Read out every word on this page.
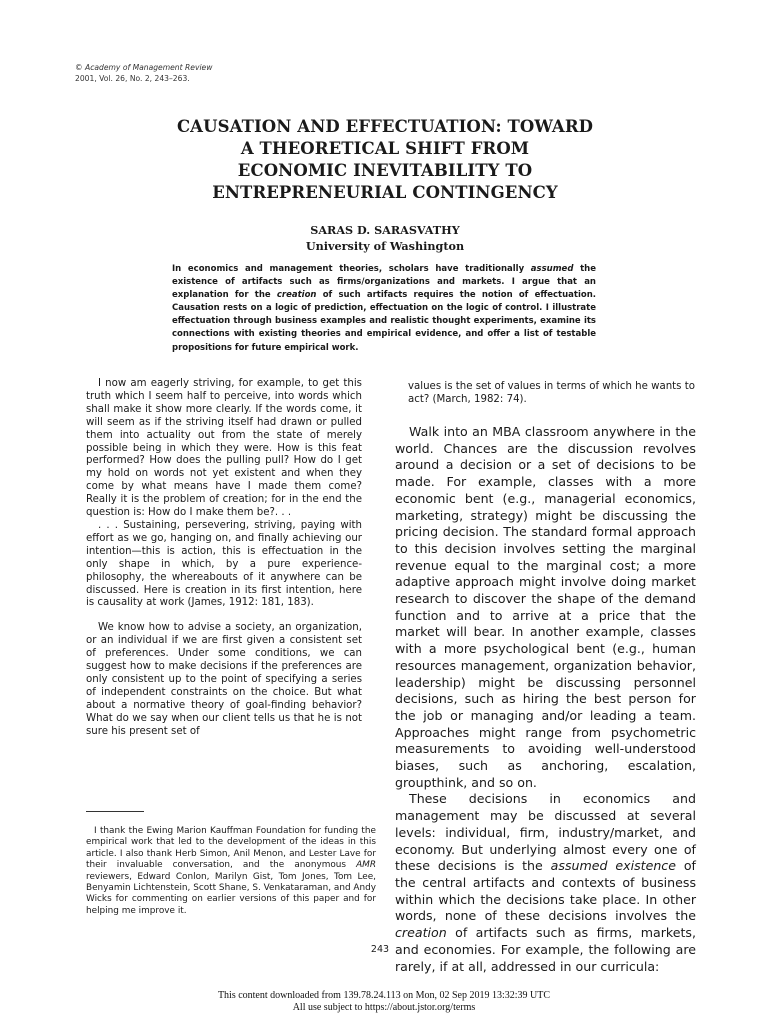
© Academy of Management Review
2001, Vol. 26, No. 2, 243–263.
CAUSATION AND EFFECTUATION: TOWARD
A THEORETICAL SHIFT FROM
ECONOMIC INEVITABILITY TO
ENTREPRENEURIAL CONTINGENCY
SARAS D. SARASVATHY
University of Washington
In economics and management theories, scholars have traditionally assumed the existence of artifacts such as firms/organizations and markets. I argue that an explanation for the creation of such artifacts requires the notion of effectuation. Causation rests on a logic of prediction, effectuation on the logic of control. I illustrate effectuation through business examples and realistic thought experiments, examine its connections with existing theories and empirical evidence, and offer a list of testable propositions for future empirical work.

I now am eagerly striving, for example, to get this truth which I seem half to perceive, into words which shall make it show more clearly. If the words come, it will seem as if the striving itself had drawn or pulled them into actuality out from the state of merely possible being in which they were. How is this feat performed? How does the pulling pull? How do I get my hold on words not yet existent and when they come by what means have I made them come? Really it is the problem of creation; for in the end the question is: How do I make them be?. . .

. . . Sustaining, persevering, striving, paying with effort as we go, hanging on, and finally achieving our intention—this is action, this is effectuation in the only shape in which, by a pure experience-philosophy, the whereabouts of it anywhere can be discussed. Here is creation in its first intention, here is causality at work (James, 1912: 181, 183).

We know how to advise a society, an organization, or an individual if we are first given a consistent set of preferences. Under some conditions, we can suggest how to make decisions if the preferences are only consistent up to the point of specifying a series of independent constraints on the choice. But what about a normative theory of goal-finding behavior? What do we say when our client tells us that he is not sure his present set of

values is the set of values in terms of which he wants to act? (March, 1982: 74).

Walk into an MBA classroom anywhere in the world. Chances are the discussion revolves around a decision or a set of decisions to be made. For example, classes with a more economic bent (e.g., managerial economics, marketing, strategy) might be discussing the pricing decision. The standard formal approach to this decision involves setting the marginal revenue equal to the marginal cost; a more adaptive approach might involve doing market research to discover the shape of the demand function and to arrive at a price that the market will bear. In another example, classes with a more psychological bent (e.g., human resources management, organization behavior, leadership) might be discussing personnel decisions, such as hiring the best person for the job or managing and/or leading a team. Approaches might range from psychometric measurements to avoiding well-understood biases, such as anchoring, escalation, groupthink, and so on.

These decisions in economics and management may be discussed at several levels: individual, firm, industry/market, and economy. But underlying almost every one of these decisions is the assumed existence of the central artifacts and contexts of business within which the decisions take place. In other words, none of these decisions involves the creation of artifacts such as firms, markets, and economies. For example, the following are rarely, if at all, addressed in our curricula:

I thank the Ewing Marion Kauffman Foundation for funding the empirical work that led to the development of the ideas in this article. I also thank Herb Simon, Anil Menon, and Lester Lave for their invaluable conversation, and the anonymous AMR reviewers, Edward Conlon, Marilyn Gist, Tom Jones, Tom Lee, Benyamin Lichtenstein, Scott Shane, S. Venkataraman, and Andy Wicks for commenting on earlier versions of this paper and for helping me improve it.
243
This content downloaded from 139.78.24.113 on Mon, 02 Sep 2019 13:32:39 UTC
All use subject to https://about.jstor.org/terms
